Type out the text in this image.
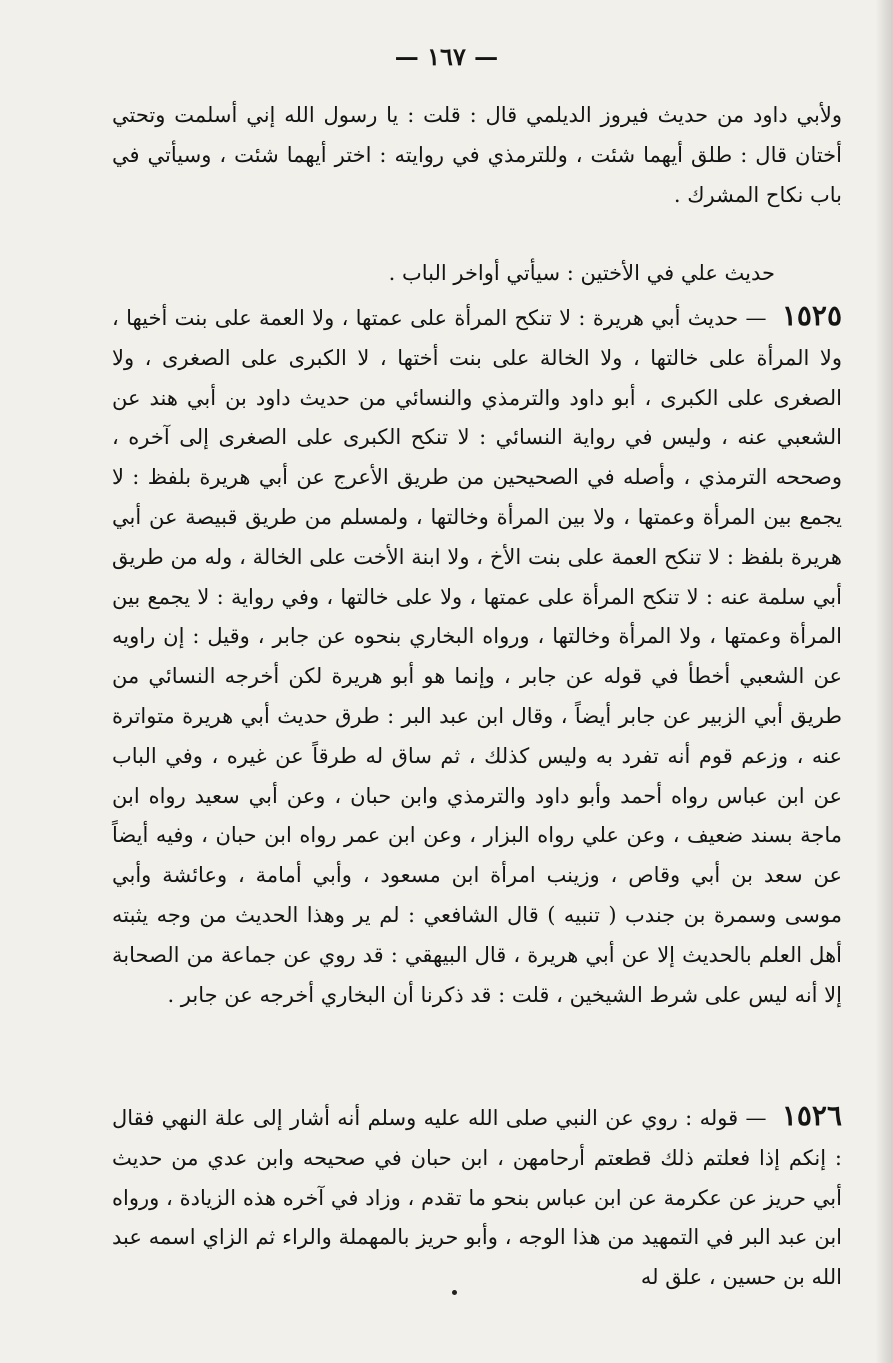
— ١٦٧ —
ولأبي داود من حديث فيروز الديلمي قال : قلت : يا رسول الله إني أسلمت وتحتي أختان قال : طلق أيهما شئت ، وللترمذي في روايته : اختر أيهما شئت ، وسيأتي في باب نكاح المشرك .
حديث علي في الأختين : سيأتي أواخر الباب .
١٥٢٥ — حديث أبي هريرة : لا تنكح المرأة على عمتها ، ولا العمة على بنت أخيها ، ولا المرأة على خالتها ، ولا الخالة على بنت أختها ، لا الكبرى على الصغرى ، ولا الصغرى على الكبرى ، أبو داود والترمذي والنسائي من حديث داود بن أبي هند عن الشعبي عنه ، وليس في رواية النسائي : لا تنكح الكبرى على الصغرى إلى آخره ، وصححه الترمذي ، وأصله في الصحيحين من طريق الأعرج عن أبي هريرة بلفظ : لا يجمع بين المرأة وعمتها ، ولا بين المرأة وخالتها ، ولمسلم من طريق قبيصة عن أبي هريرة بلفظ : لا تنكح العمة على بنت الأخ ، ولا ابنة الأخت على الخالة ، وله من طريق أبي سلمة عنه : لا تنكح المرأة على عمتها ، ولا على خالتها ، وفي رواية : لا يجمع بين المرأة وعمتها ، ولا المرأة وخالتها ، ورواه البخاري بنحوه عن جابر ، وقيل : إن راويه عن الشعبي أخطأ في قوله عن جابر ، وإنما هو أبو هريرة لكن أخرجه النسائي من طريق أبي الزبير عن جابر أيضاً ، وقال ابن عبد البر : طرق حديث أبي هريرة متواترة عنه ، وزعم قوم أنه تفرد به وليس كذلك ، ثم ساق له طرقاً عن غيره ، وفي الباب عن ابن عباس رواه أحمد وأبو داود والترمذي وابن حبان ، وعن أبي سعيد رواه ابن ماجة بسند ضعيف ، وعن علي رواه البزار ، وعن ابن عمر رواه ابن حبان ، وفيه أيضاً عن سعد بن أبي وقاص ، وزينب امرأة ابن مسعود ، وأبي أمامة ، وعائشة وأبي موسى وسمرة بن جندب ( تنبيه ) قال الشافعي : لم ير وهذا الحديث من وجه يثبته أهل العلم بالحديث إلا عن أبي هريرة ، قال البيهقي : قد روي عن جماعة من الصحابة إلا أنه ليس على شرط الشيخين ، قلت : قد ذكرنا أن البخاري أخرجه عن جابر .
١٥٢٦ — قوله : روي عن النبي صلى الله عليه وسلم أنه أشار إلى علة النهي فقال : إنكم إذا فعلتم ذلك قطعتم أرحامهن ، ابن حبان في صحيحه وابن عدي من حديث أبي حريز عن عكرمة عن ابن عباس بنحو ما تقدم ، وزاد في آخره هذه الزيادة ، ورواه ابن عبد البر في التمهيد من هذا الوجه ، وأبو حريز بالمهملة والراء ثم الزاي اسمه عبد الله بن حسين ، علق له
